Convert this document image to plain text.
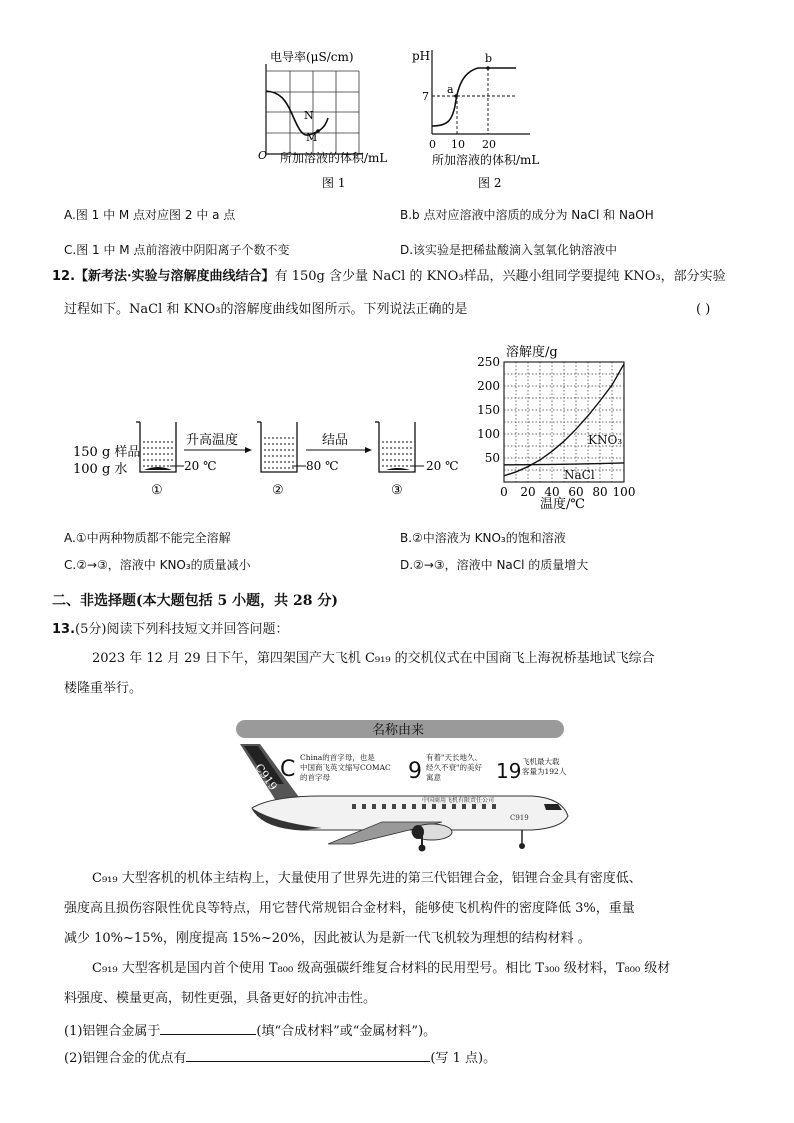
电导率(μS/cm)
N
M
O 所加溶液的体积/mL
图 1
pH
a
b
7
0 10 20
所加溶液的体积/mL
图 2
A.图 1 中 M 点对应图 2 中 a 点	B.b 点对应溶液中溶质的成分为 NaCl 和 NaOH
C.图 1 中 M 点前溶液中阴阳离子个数不变	D.该实验是把稀盐酸滴入氢氧化钠溶液中
12.【新考法·实验与溶解度曲线结合】有 150g 含少量 NaCl 的 KNO₃样品，兴趣小组同学要提纯 KNO₃，部分实验
过程如下。NaCl 和 KNO₃的溶解度曲线如图所示。下列说法正确的是	( )
150 g 样品
100 g 水	20 ℃
①
升高温度
80 ℃
②
结品
20 ℃
③
溶解度/g
50
100
150
200
250
0 20 40 60 80 100
KNO₃
NaCl
温度/℃
A.①中两种物质都不能完全溶解	B.②中溶液为 KNO₃的饱和溶液
C.②→③，溶液中 KNO₃的质量减小	D.②→③，溶液中 NaCl 的质量增大
二、非选择题(本大题包括 5 小题，共 28 分)
13.(5分)阅读下列科技短文并回答问题：
2023 年 12 月 29 日下午，第四架国产大飞机 C₉₁₉ 的交机仪式在中国商飞上海祝桥基地试飞综合
楼隆重举行。
名称由来
C919 C China的首字母，也是
中国商飞英文缩写COMAC
的首字母	9
有着"天长地久、
经久不衰"的美好
寓意	19 飞机最大载
客量为192人
中国商用飞机有限责任公司
C919
C₉₁₉ 大型客机的机体主结构上，大量使用了世界先进的第三代铝锂合金，铝锂合金具有密度低、
强度高且损伤容限性优良等特点，用它替代常规铝合金材料，能够使飞机构件的密度降低 3%，重量
减少 10%~15%，刚度提高 15%~20%，因此被认为是新一代飞机较为理想的结构材料 。
C₉₁₉ 大型客机是国内首个使用 T₈₀₀ 级高强碳纤维复合材料的民用型号。相比 T₃₀₀ 级材料，T₈₀₀ 级材
料强度、模量更高，韧性更强，具备更好的抗冲击性。
(1)铝锂合金属于	(填“合成材料”或“金属材料”)。
(2)铝锂合金的优点有	(写 1 点)。
